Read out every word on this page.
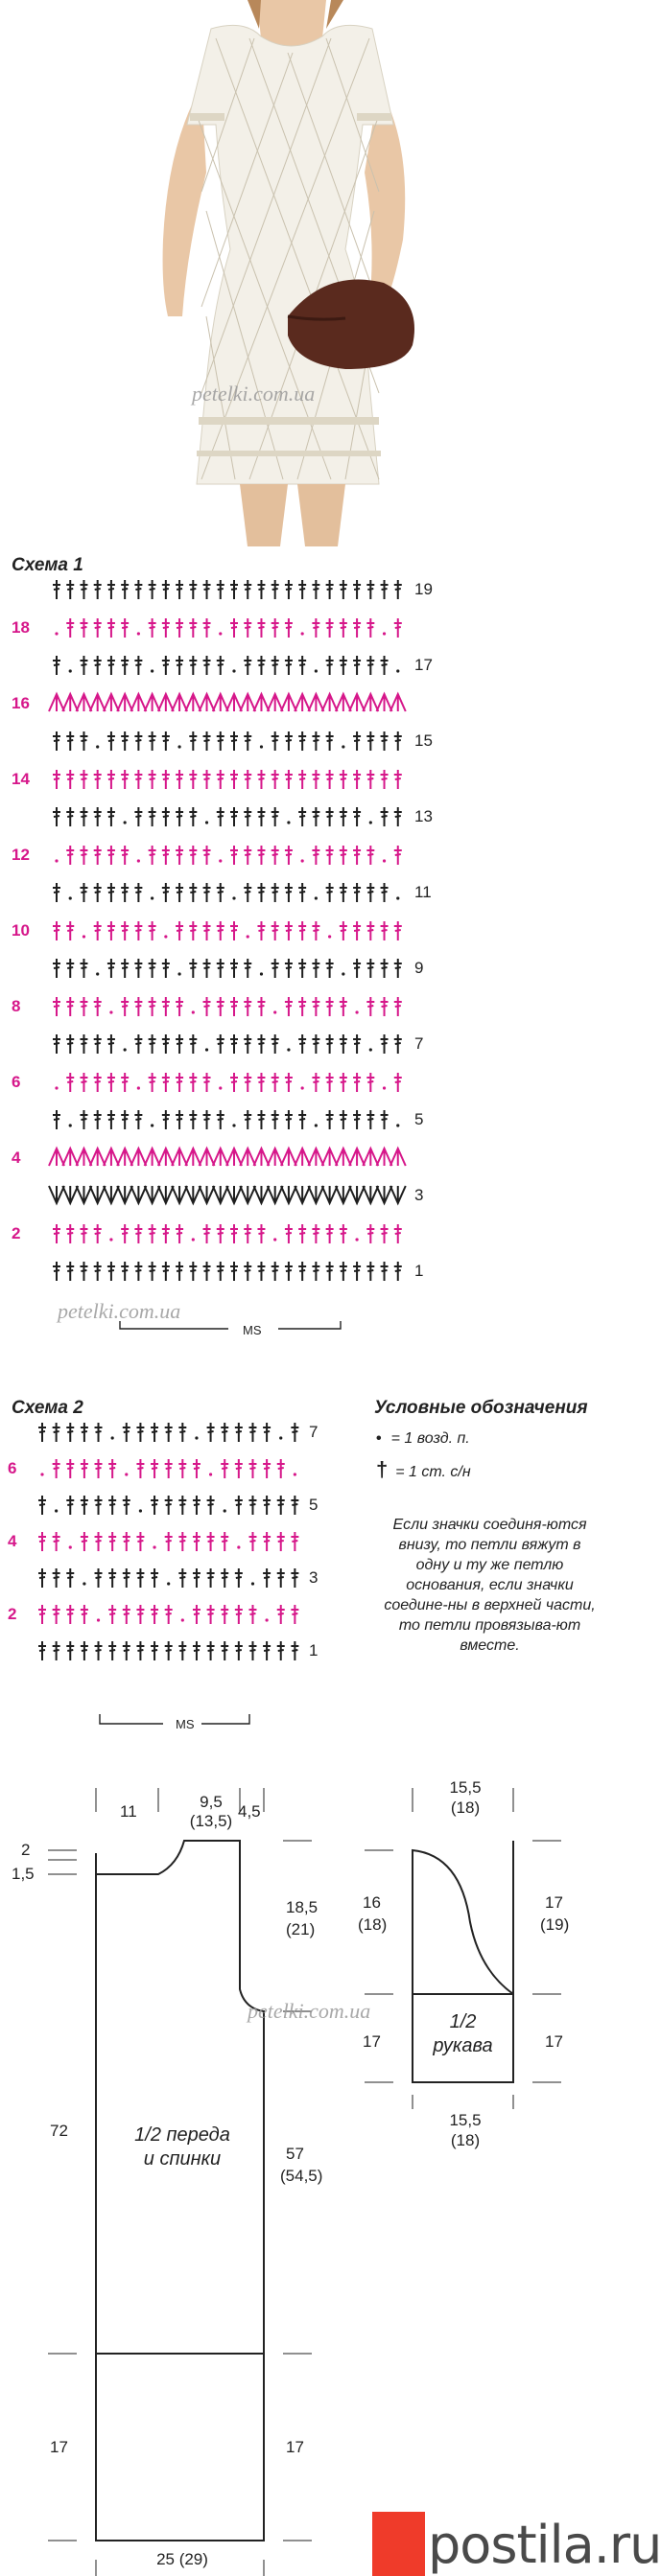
petelki.com.ua
Схема 1
19
18
17
16
15
14
13
12
11
10
9
8
7
6
5
4
3
2
1
MS
petelki.com.ua
Схема 2
7
6
5
4
3
2
1
MS
Условные обозначения
• = 1 возд. п.
† = 1 ст. с/н
Если значки соединя-ются внизу, то петли вяжут в одну и ту же петлю основания, если значки соедине-ны в верхней части, то петли провязыва-ют вместе.
11
9,5
(13,5)
4,5
2
1,5
18,5
(21)
72
57
(54,5)
17	17
25 (29)
1/2 переда
и спинки
petelki.com.ua
15,5
(18)
16
(18)
17
(19)
17	17
15,5
(18)
1/2
рукава
postila.ru
